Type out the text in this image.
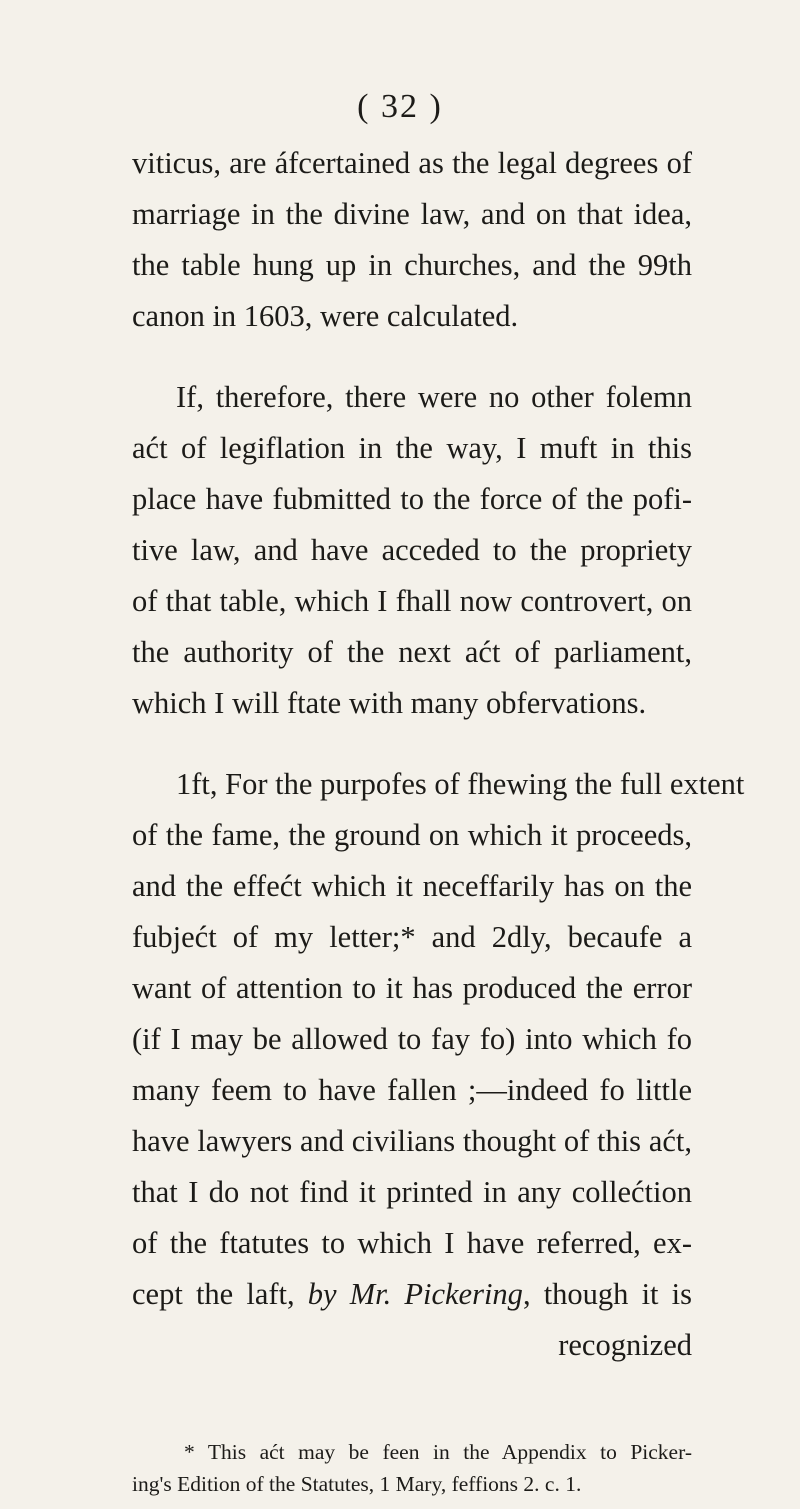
( 32 )
viticus, are áfcertained as the legal degrees of
marriage in the divine law, and on that idea,
the table hung up in churches, and the 99th
canon in 1603, were calculated.
If, therefore, there were no other folemn
aćt of legiflation in the way, I muft in this
place have fubmitted to the force of the pofi-
tive law, and have acceded to the propriety
of that table, which I fhall now controvert, on
the authority of the next aćt of parliament,
which I will ftate with many obfervations.
1ft, For the purpofes of fhewing the full extent
of the fame, the ground on which it proceeds,
and the effećt which it neceffarily has on the
fubjećt of my letter;* and 2dly, becaufe a
want of attention to it has produced the error
(if I may be allowed to fay fo) into which fo
many feem to have fallen ;—indeed fo little
have lawyers and civilians thought of this aćt,
that I do not find it printed in any collećtion
of the ftatutes to which I have referred, ex-
cept the laft, by Mr. Pickering, though it is
recognized
* This aćt may be feen in the Appendix to Picker-
ing's Edition of the Statutes, 1 Mary, feffions 2. c. 1.
